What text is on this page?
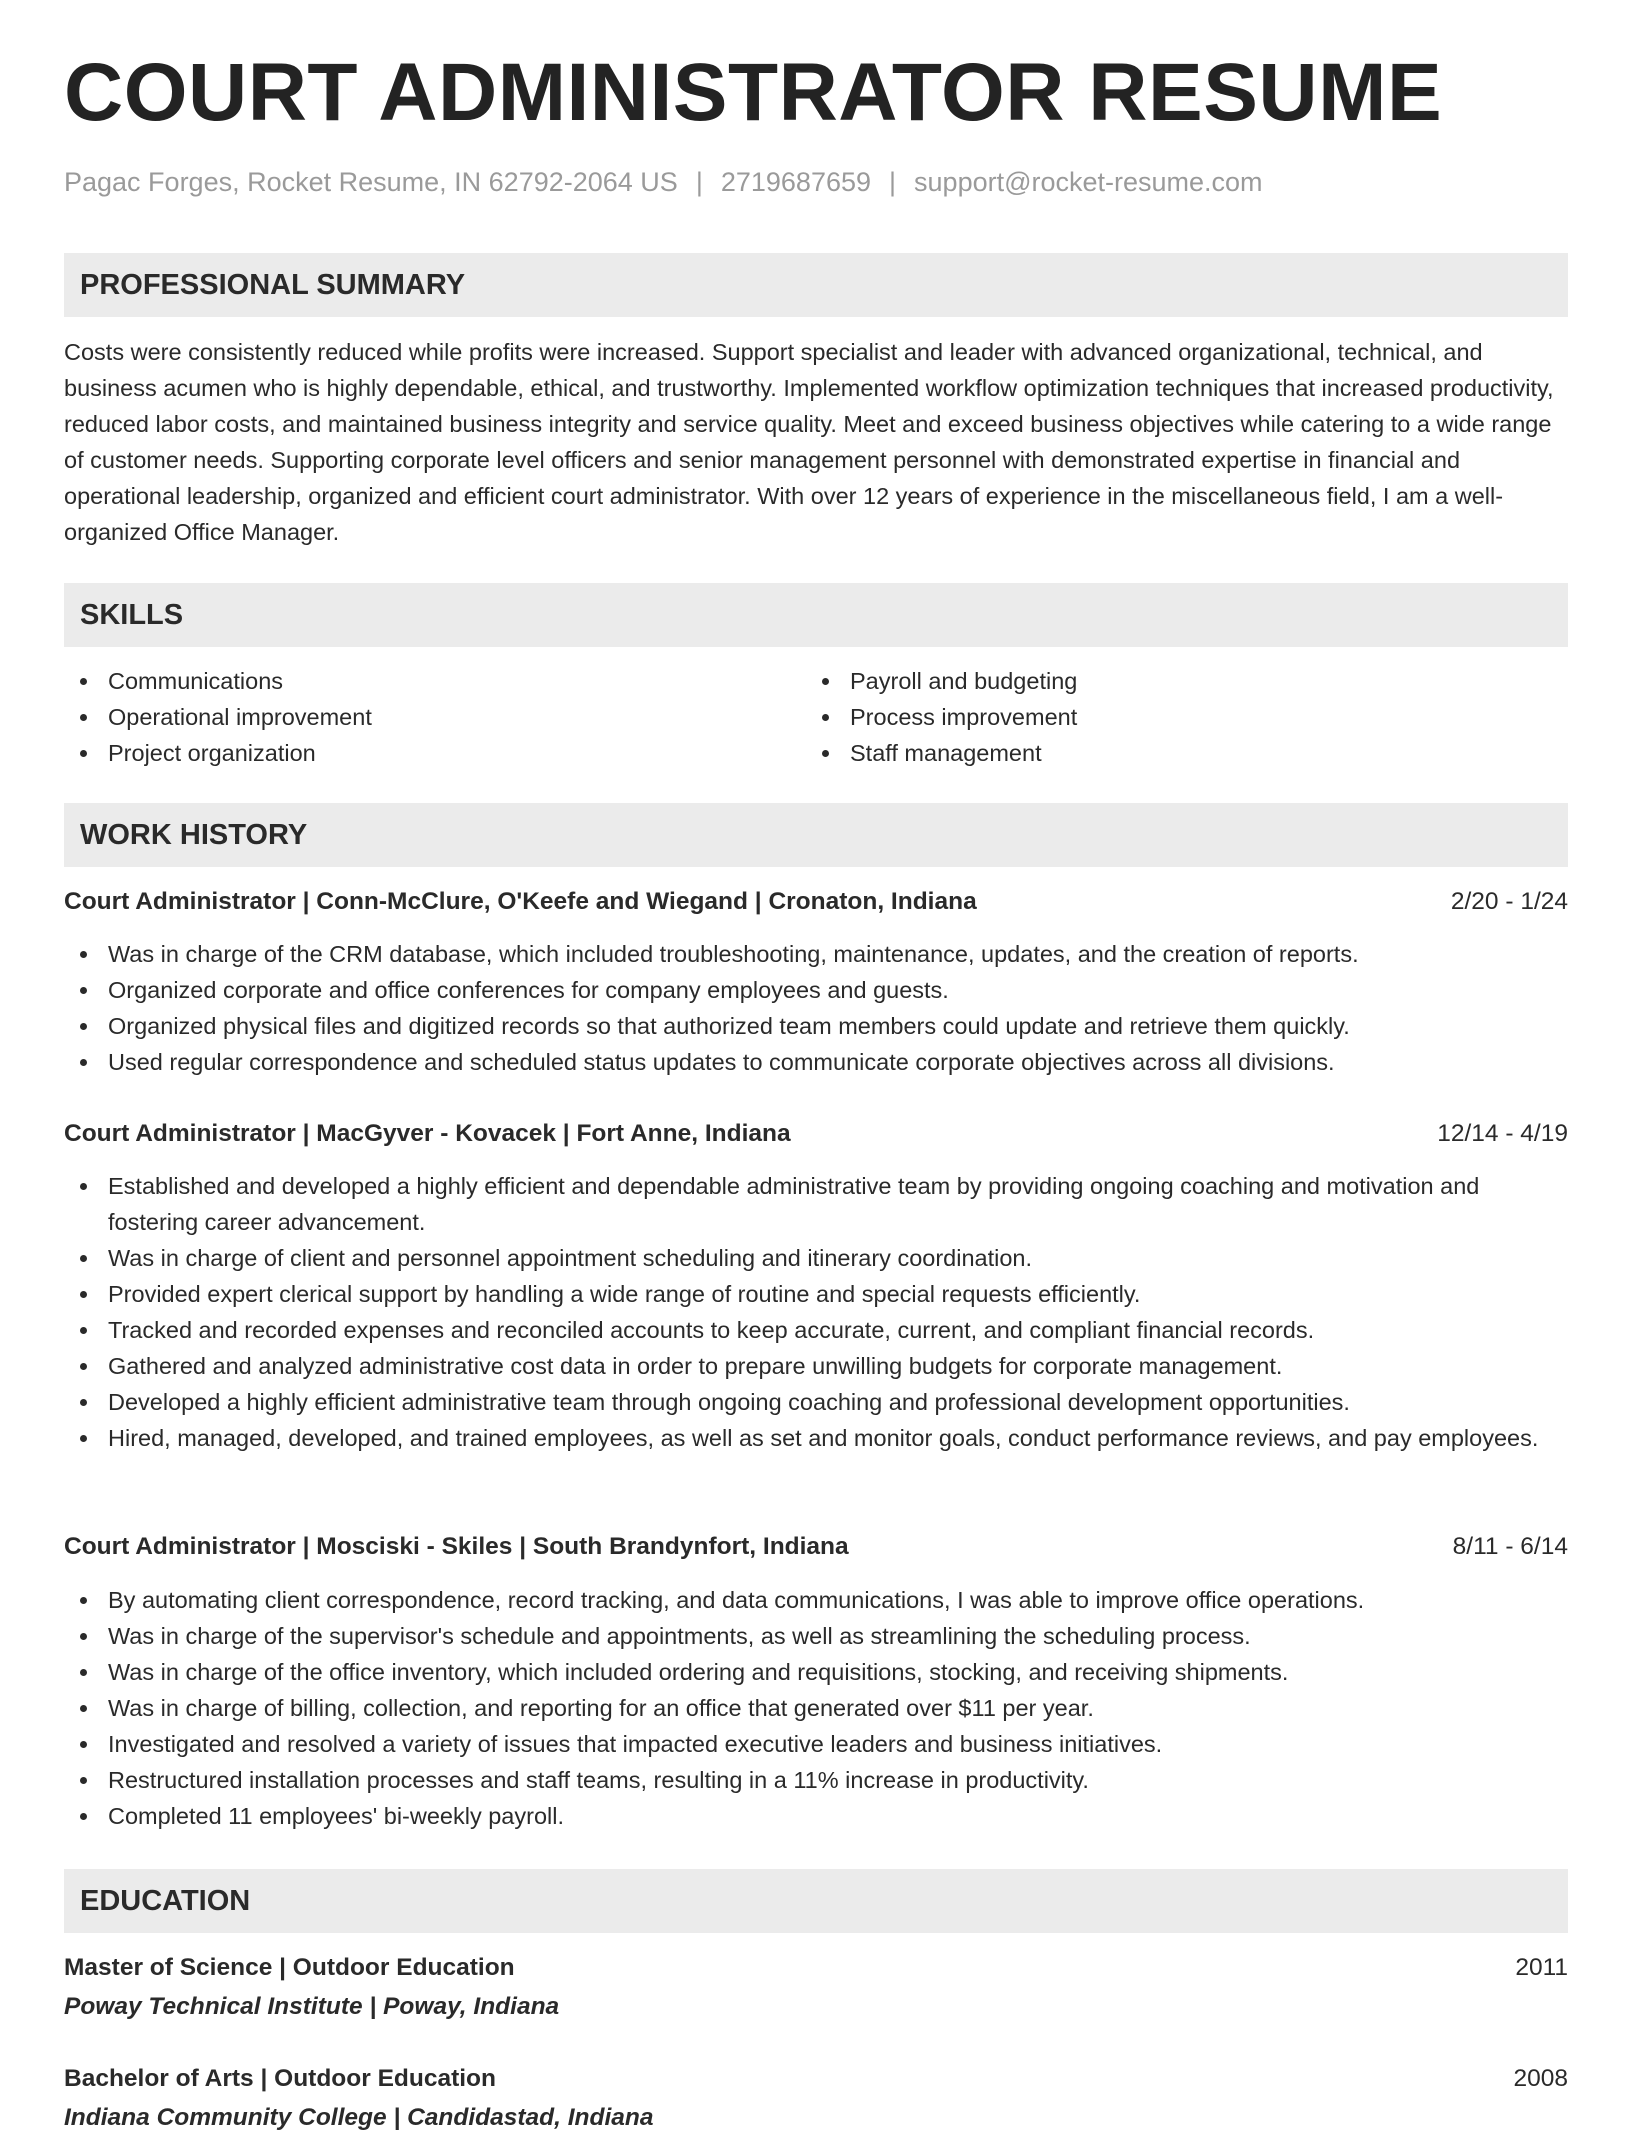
COURT ADMINISTRATOR RESUME
Pagac Forges, Rocket Resume, IN 62792-2064 US | 2719687659 | support@rocket-resume.com
PROFESSIONAL SUMMARY
Costs were consistently reduced while profits were increased. Support specialist and leader with advanced organizational, technical, and business acumen who is highly dependable, ethical, and trustworthy. Implemented workflow optimization techniques that increased productivity, reduced labor costs, and maintained business integrity and service quality. Meet and exceed business objectives while catering to a wide range of customer needs. Supporting corporate level officers and senior management personnel with demonstrated expertise in financial and operational leadership, organized and efficient court administrator. With over 12 years of experience in the miscellaneous field, I am a well-organized Office Manager.
SKILLS
Communications
Operational improvement
Project organization
Payroll and budgeting
Process improvement
Staff management
WORK HISTORY
Court Administrator | Conn-McClure, O'Keefe and Wiegand | Cronaton, Indiana	2/20 - 1/24
Was in charge of the CRM database, which included troubleshooting, maintenance, updates, and the creation of reports.
Organized corporate and office conferences for company employees and guests.
Organized physical files and digitized records so that authorized team members could update and retrieve them quickly.
Used regular correspondence and scheduled status updates to communicate corporate objectives across all divisions.
Court Administrator | MacGyver - Kovacek | Fort Anne, Indiana	12/14 - 4/19
Established and developed a highly efficient and dependable administrative team by providing ongoing coaching and motivation and fostering career advancement.
Was in charge of client and personnel appointment scheduling and itinerary coordination.
Provided expert clerical support by handling a wide range of routine and special requests efficiently.
Tracked and recorded expenses and reconciled accounts to keep accurate, current, and compliant financial records.
Gathered and analyzed administrative cost data in order to prepare unwilling budgets for corporate management.
Developed a highly efficient administrative team through ongoing coaching and professional development opportunities.
Hired, managed, developed, and trained employees, as well as set and monitor goals, conduct performance reviews, and pay employees.
Court Administrator | Mosciski - Skiles | South Brandynfort, Indiana	8/11 - 6/14
By automating client correspondence, record tracking, and data communications, I was able to improve office operations.
Was in charge of the supervisor's schedule and appointments, as well as streamlining the scheduling process.
Was in charge of the office inventory, which included ordering and requisitions, stocking, and receiving shipments.
Was in charge of billing, collection, and reporting for an office that generated over $11 per year.
Investigated and resolved a variety of issues that impacted executive leaders and business initiatives.
Restructured installation processes and staff teams, resulting in a 11% increase in productivity.
Completed 11 employees' bi-weekly payroll.
EDUCATION
Master of Science | Outdoor Education	2011
Poway Technical Institute | Poway, Indiana
Bachelor of Arts | Outdoor Education	2008
Indiana Community College | Candidastad, Indiana
